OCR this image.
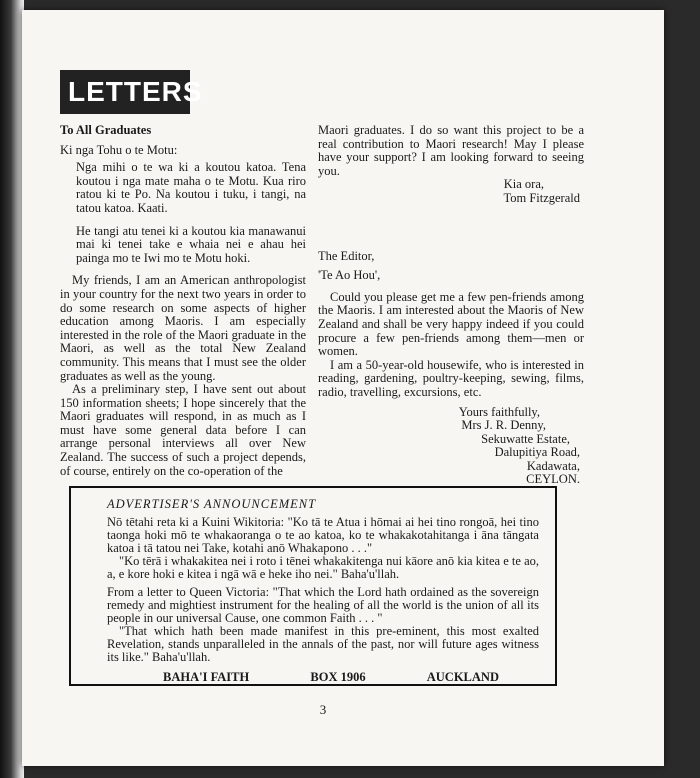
LETTERS

To All Graduates

Ki nga Tohu o te Motu:

Nga mihi o te wa ki a koutou katoa. Tena koutou i nga mate maha o te Motu. Kua riro ratou ki te Po. Na koutou i tuku, i tangi, na tatou katoa. Kaati.

He tangi atu tenei ki a koutou kia manawanui mai ki tenei take e whaia nei e ahau hei painga mo te Iwi mo te Motu hoki.

My friends, I am an American anthropologist in your country for the next two years in order to do some research on some aspects of higher education among Maoris. I am especially interested in the role of the Maori graduate in the Maori, as well as the total New Zealand community. This means that I must see the older graduates as well as the young.

As a preliminary step, I have sent out about 150 information sheets; I hope sincerely that the Maori graduates will respond, in as much as I must have some general data before I can arrange personal interviews all over New Zealand. The success of such a project depends, of course, entirely on the co-operation of the

Maori graduates. I do so want this project to be a real contribution to Maori research! May I please have your support? I am looking forward to seeing you.

Kia ora,

Tom Fitzgerald

The Editor,

'Te Ao Hou',

Could you please get me a few pen-friends among the Maoris. I am interested about the Maoris of New Zealand and shall be very happy indeed if you could procure a few pen-friends among them—men or women.

I am a 50-year-old housewife, who is interested in reading, gardening, poultry-keeping, sewing, films, radio, travelling, excursions, etc.

Yours faithfully,

Mrs J. R. Denny,

Sekuwatte Estate,

Dalupitiya Road,

Kadawata,

CEYLON.

ADVERTISER'S ANNOUNCEMENT

Nō tētahi reta ki a Kuini Wikitoria: "Ko tā te Atua i hōmai ai hei tino rongoā, hei tino taonga hoki mō te whakaoranga o te ao katoa, ko te whakakotahitanga i āna tāngata katoa i tā tatou nei Take, kotahi anō Whakapono . . ."

"Ko tērā i whakakitea nei i roto i tēnei whakakitenga nui kāore anō kia kitea e te ao, a, e kore hoki e kitea i ngā wā e heke iho nei." Baha'u'llah.

From a letter to Queen Victoria: "That which the Lord hath ordained as the sovereign remedy and mightiest instrument for the healing of all the world is the union of all its people in our universal Cause, one common Faith . . . "

"That which hath been made manifest in this pre-eminent, this most exalted Revelation, stands unparalleled in the annals of the past, nor will future ages witness its like." Baha'u'llah.

BAHA'I FAITH	BOX 1906	AUCKLAND
3
